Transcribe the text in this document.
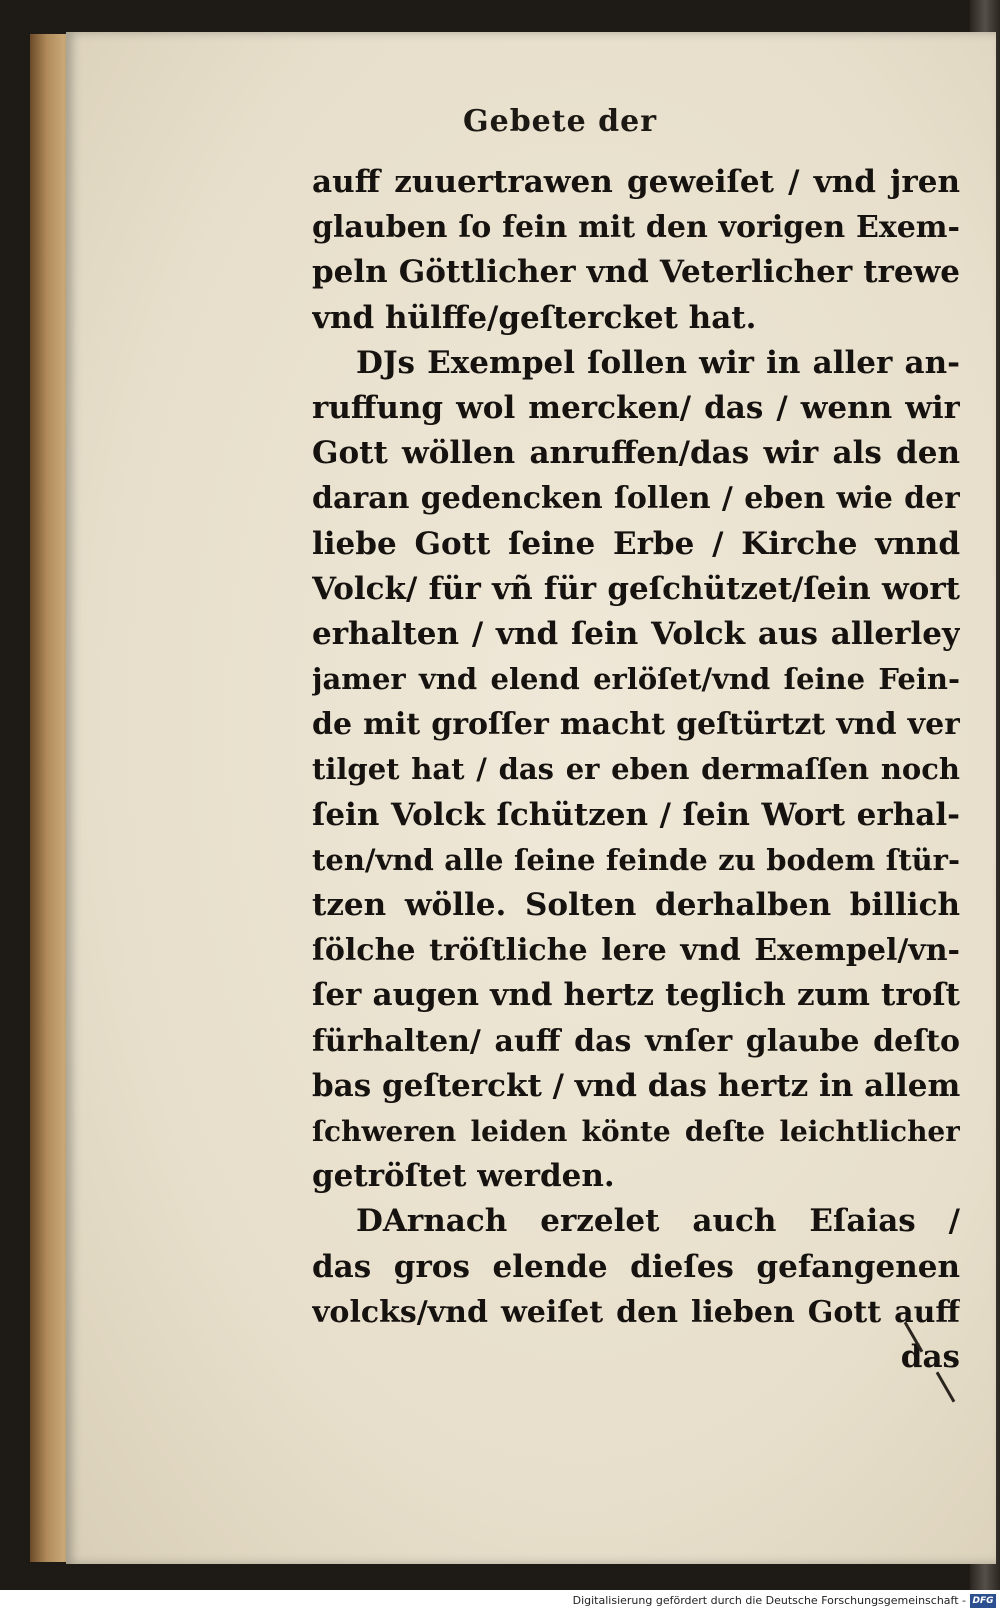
Gebete der
auff zuuertrawen geweiſet / vnd jren
glauben ſo fein mit den vorigen Exem-
peln Göttlicher vnd Veterlicher trewe
vnd hülffe/geſtercket hat.
DJs Exempel ſollen wir in aller an-
ruffung wol mercken/ das / wenn wir
Gott wöllen anruffen/das wir als den
daran gedencken ſollen / eben wie der
liebe Gott ſeine Erbe / Kirche vnnd
Volck/ für vñ für geſchützet/ſein wort
erhalten / vnd ſein Volck aus allerley
jamer vnd elend erlöſet/vnd ſeine Fein-
de mit groſſer macht geſtürtzt vnd ver
tilget hat / das er eben dermaſſen noch
ſein Volck ſchützen / ſein Wort erhal-
ten/vnd alle ſeine feinde zu bodem ſtür-
tzen wölle. Solten derhalben billich
ſölche tröſtliche lere vnd Exempel/vn-
ſer augen vnd hertz teglich zum troſt
fürhalten/ auff das vnſer glaube deſto
bas geſterckt / vnd das hertz in allem
ſchweren leiden könte deſte leichtlicher
getröſtet werden.
DArnach erzelet auch Eſaias /
das gros elende dieſes gefangenen
volcks/vnd weiſet den lieben Gott auff
das
Digitalisierung gefördert durch die Deutsche Forschungsgemeinschaft - DFG
